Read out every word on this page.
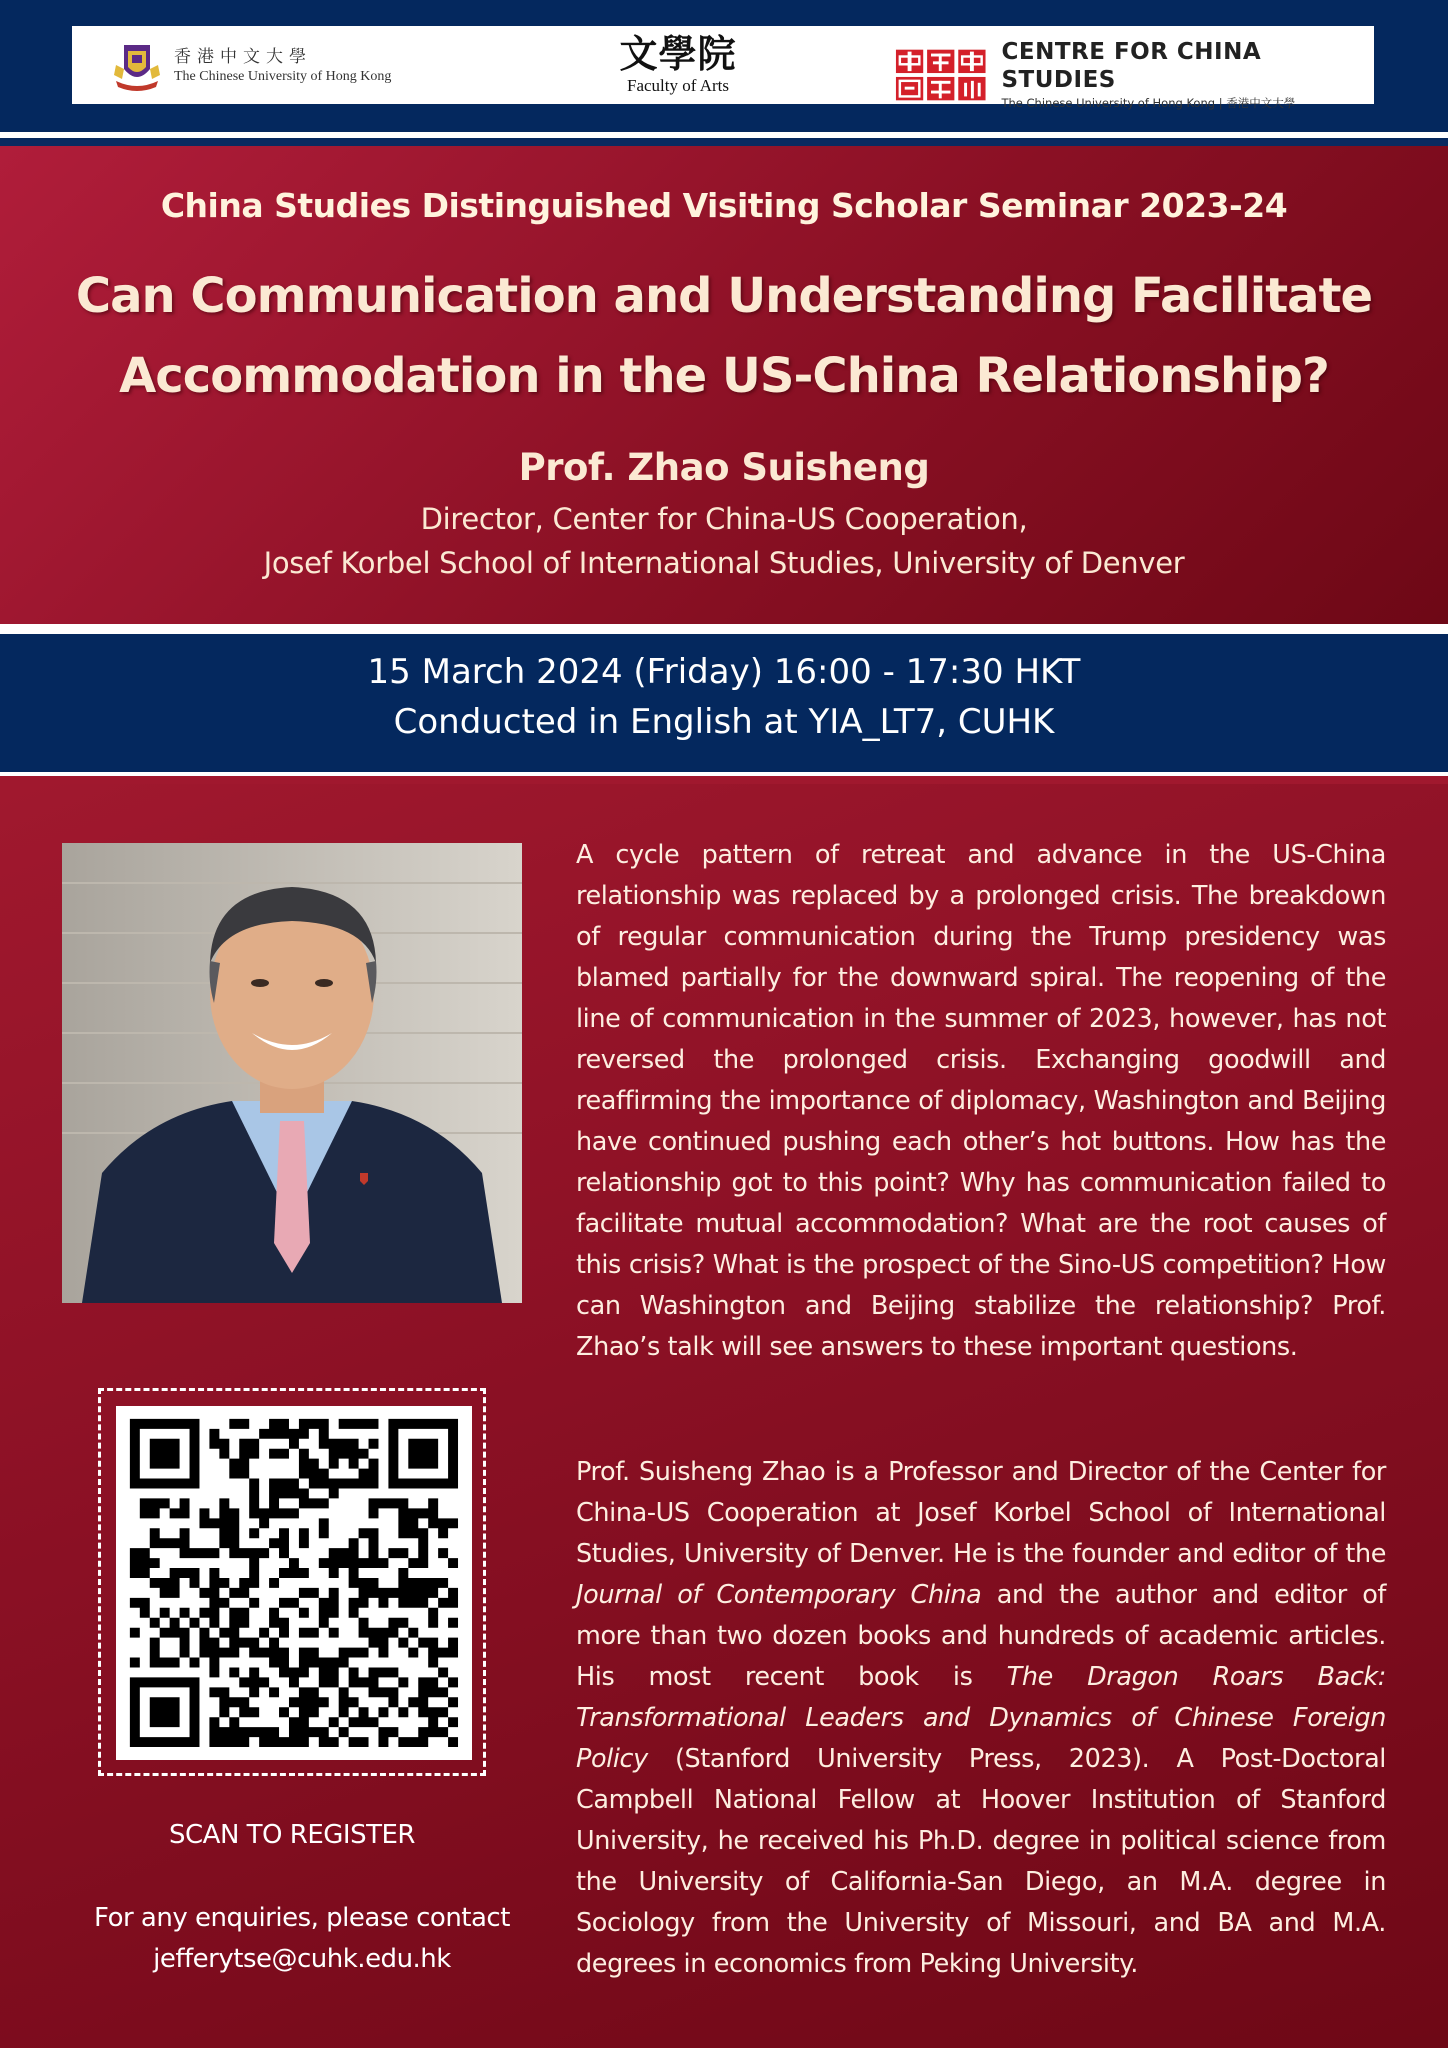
香港中文大學
The Chinese University of Hong Kong
文學院
Faculty of Arts
CENTRE FOR CHINA STUDIES
The Chinese University of Hong Kong | 香港中文大學
China Studies Distinguished Visiting Scholar Seminar 2023-24
Can Communication and Understanding Facilitate
Accommodation in the US-China Relationship?
Prof. Zhao Suisheng
Director, Center for China-US Cooperation,
Josef Korbel School of International Studies, University of Denver
15 March 2024 (Friday) 16:00 - 17:30 HKT
Conducted in English at YIA_LT7, CUHK
SCAN TO REGISTER
For any enquiries, please contact
jefferytse@cuhk.edu.hk
A cycle pattern of retreat and advance in the US-China relationship was replaced by a prolonged crisis. The breakdown of regular communication during the Trump presidency was blamed partially for the downward spiral. The reopening of the line of communication in the summer of 2023, however, has not reversed the prolonged crisis. Exchanging goodwill and reaffirming the importance of diplomacy, Washington and Beijing have continued pushing each other’s hot buttons. How has the relationship got to this point? Why has communication failed to facilitate mutual accommodation? What are the root causes of this crisis? What is the prospect of the Sino-US competition? How can Washington and Beijing stabilize the relationship? Prof. Zhao’s talk will see answers to these important questions.
Prof. Suisheng Zhao is a Professor and Director of the Center for China-US Cooperation at Josef Korbel School of International Studies, University of Denver. He is the founder and editor of the Journal of Contemporary China and the author and editor of more than two dozen books and hundreds of academic articles. His most recent book is The Dragon Roars Back: Transformational Leaders and Dynamics of Chinese Foreign Policy (Stanford University Press, 2023). A Post-Doctoral Campbell National Fellow at Hoover Institution of Stanford University, he received his Ph.D. degree in political science from the University of California-San Diego, an M.A. degree in Sociology from the University of Missouri, and BA and M.A. degrees in economics from Peking University.
